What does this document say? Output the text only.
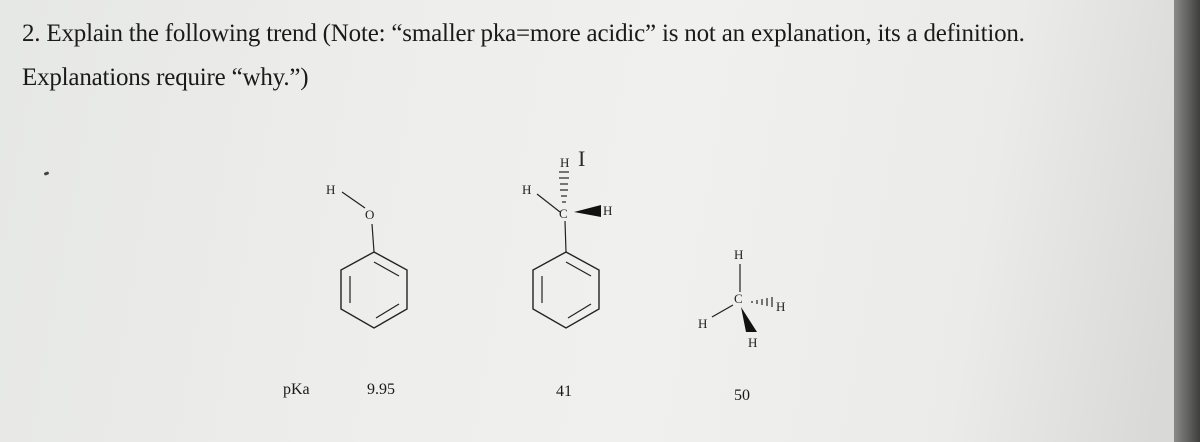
2. Explain the following trend (Note: “smaller pka=more acidic” is not an explanation, its a definition.
Explanations require “why.”)
H
O
H I
H
C	H
H
C
H
H
H
pKa	9.95	41	50
